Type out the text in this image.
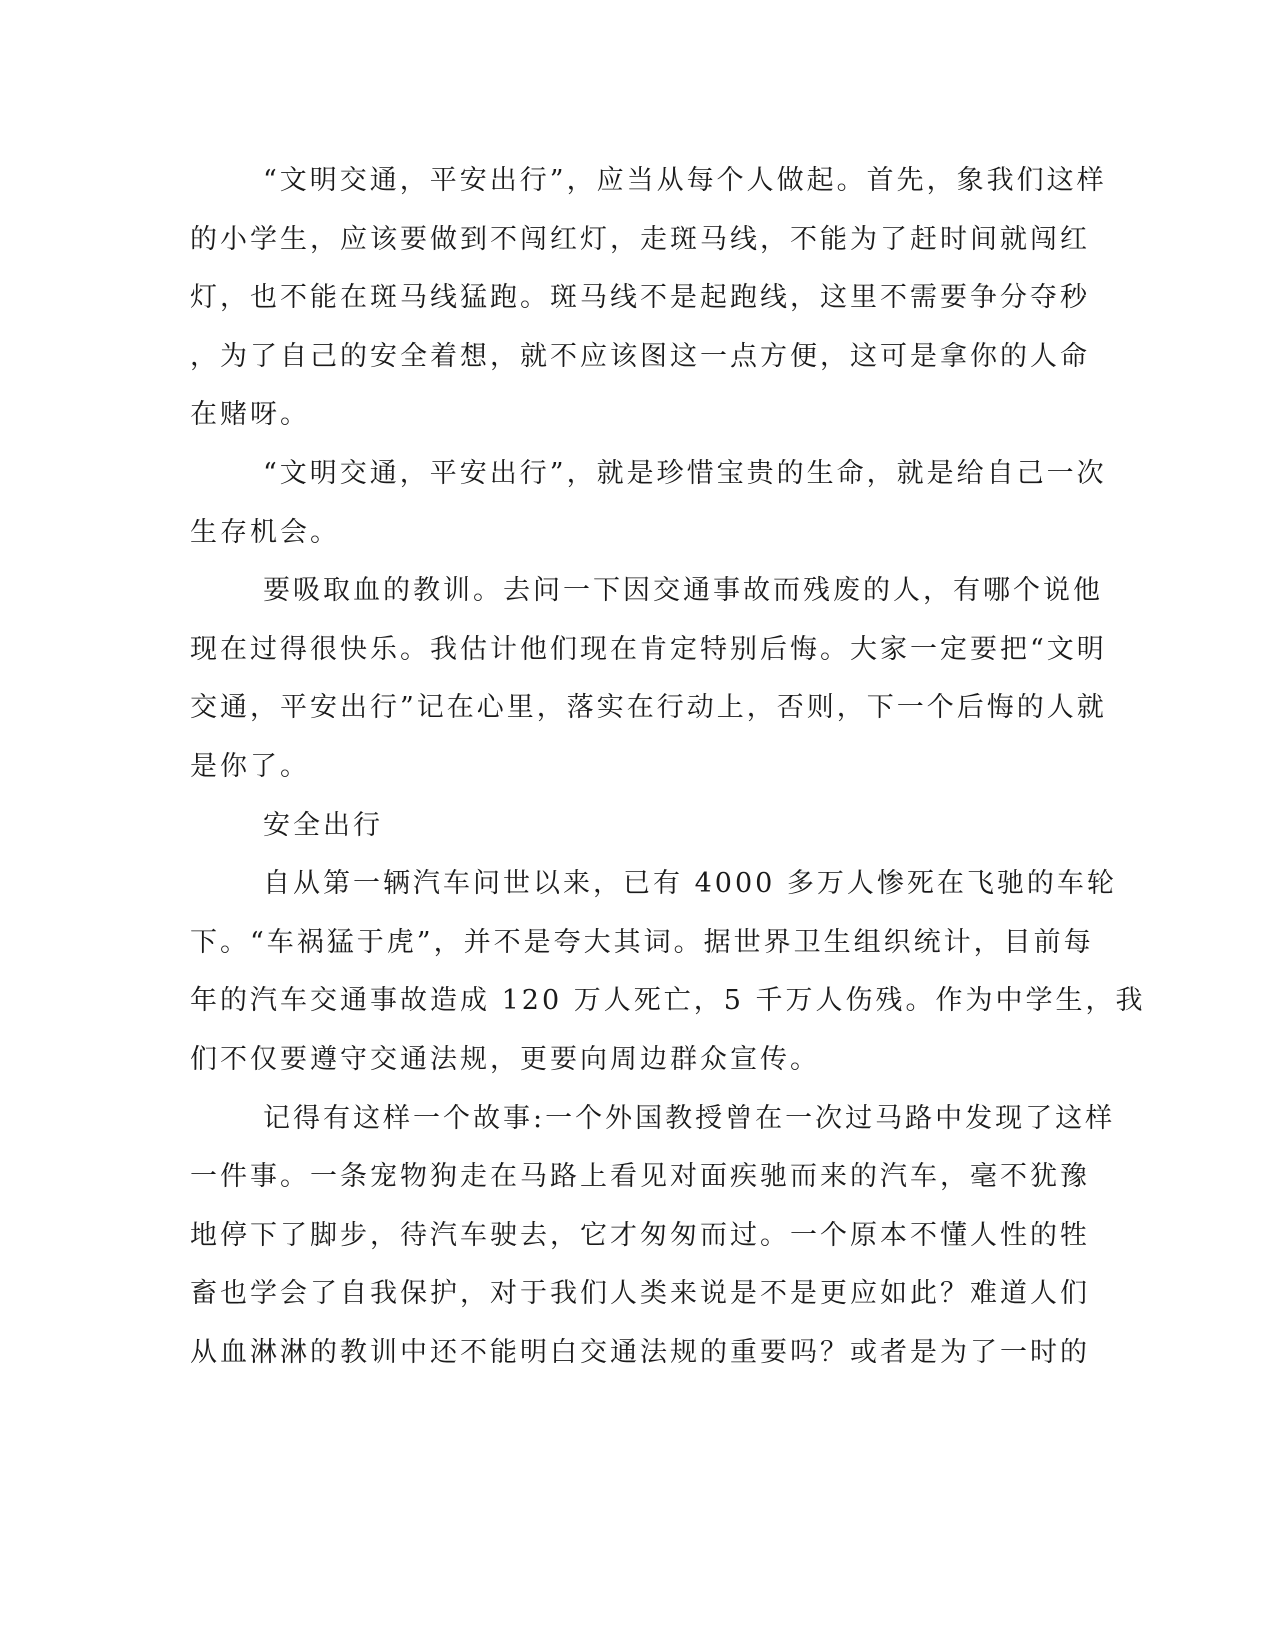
“文明交通，平安出行”，应当从每个人做起。首先，象我们这样
的小学生，应该要做到不闯红灯，走斑马线，不能为了赶时间就闯红
灯，也不能在斑马线猛跑。斑马线不是起跑线，这里不需要争分夺秒
，为了自己的安全着想，就不应该图这一点方便，这可是拿你的人命
在赌呀。
“文明交通，平安出行”，就是珍惜宝贵的生命，就是给自己一次
生存机会。
要吸取血的教训。去问一下因交通事故而残废的人，有哪个说他
现在过得很快乐。我估计他们现在肯定特别后悔。大家一定要把“文明
交通，平安出行”记在心里，落实在行动上，否则，下一个后悔的人就
是你了。
安全出行
自从第一辆汽车问世以来，已有 4000 多万人惨死在飞驰的车轮
下。“车祸猛于虎”，并不是夸大其词。据世界卫生组织统计，目前每
年的汽车交通事故造成 120 万人死亡，5 千万人伤残。作为中学生，我
们不仅要遵守交通法规，更要向周边群众宣传。
记得有这样一个故事:一个外国教授曾在一次过马路中发现了这样
一件事。一条宠物狗走在马路上看见对面疾驰而来的汽车，毫不犹豫
地停下了脚步，待汽车驶去，它才匆匆而过。一个原本不懂人性的牲
畜也学会了自我保护，对于我们人类来说是不是更应如此？难道人们
从血淋淋的教训中还不能明白交通法规的重要吗？或者是为了一时的
